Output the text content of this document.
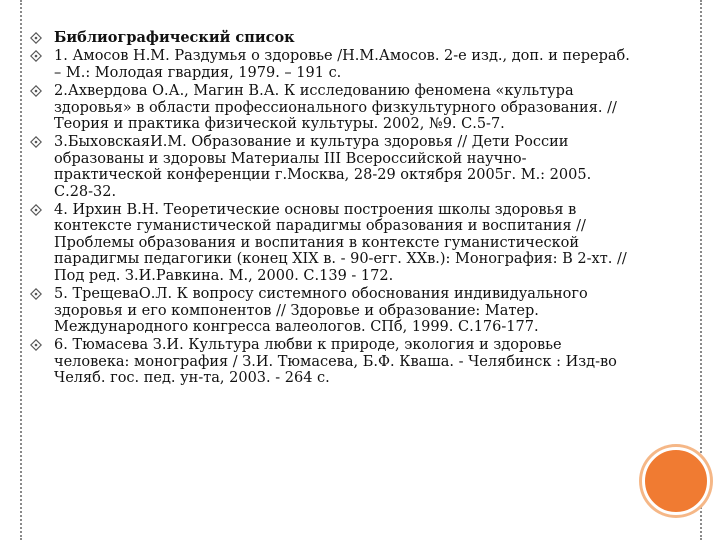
Библиографический список

1. Амосов Н.М. Раздумья о здоровье /Н.М.Амосов. 2-е изд., доп. и перераб. – М.: Молодая гвардия, 1979. – 191 с.

2.Ахвердова О.А., Магин В.А. К исследованию феномена «культура здоровья» в области профессионального физкультурного образования. // Теория и практика физической культуры. 2002, №9. С.5-7.

3.БыховскаяИ.М. Образование и культура здоровья // Дети России образованы и здоровы Материалы III Всероссийской научно-практической конференции г.Москва, 28-29 октября 2005г. М.: 2005. С.28-32.

4. Ирхин В.Н. Теоретические основы построения школы здоровья в контексте гуманистической парадигмы образования и воспитания // Проблемы образования и воспитания в контексте гуманистической парадигмы педагогики (конец XIX в. - 90-егг. XXв.): Монография: В 2-хт. // Под ред. З.И.Равкина. М., 2000. С.139 - 172.

5. ТрещеваО.Л. К вопросу системного обоснования индивидуального здоровья и его компонентов // Здоровье и образование: Матер. Международного конгресса валеологов. СПб, 1999. С.176-177.

6. Тюмасева З.И. Культура любви к природе, экология и здоровье человека: монография / З.И. Тюмасева, Б.Ф. Кваша. - Челябинск : Изд-во Челяб. гос. пед. ун-та, 2003. - 264 с.
